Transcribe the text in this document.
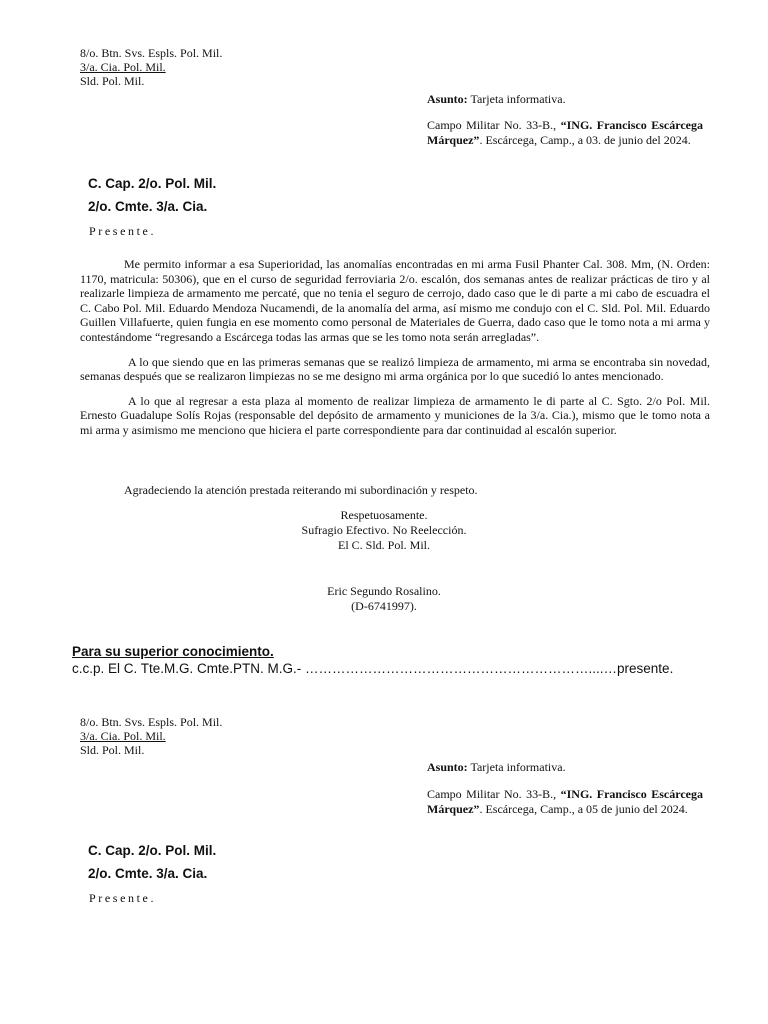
8/o. Btn. Svs. Espls. Pol. Mil.
3/a. Cia. Pol. Mil.
Sld. Pol. Mil.
Asunto: Tarjeta informativa.
Campo Militar No. 33-B., “ING. Francisco Escárcega Márquez”. Escárcega, Camp., a 03. de junio del 2024.
C. Cap. 2/o. Pol. Mil.
2/o. Cmte. 3/a. Cia.
Presente.

Me permito informar a esa Superioridad, las anomalías encontradas en mi arma Fusil Phanter Cal. 308. Mm, (N. Orden: 1170, matricula: 50306), que en el curso de seguridad ferroviaria 2/o. escalón, dos semanas antes de realizar prácticas de tiro y al realizarle limpieza de armamento me percaté, que no tenia el seguro de cerrojo, dado caso que le di parte a mi cabo de escuadra el C. Cabo Pol. Mil. Eduardo Mendoza Nucamendi, de la anomalía del arma, así mismo me condujo con el C. Sld. Pol. Mil. Eduardo Guillen Villafuerte, quien fungia en ese momento como personal de Materiales de Guerra, dado caso que le tomo nota a mi arma y contestándome “regresando a Escárcega todas las armas que se les tomo nota serán arregladas”.

A lo que siendo que en las primeras semanas que se realizó limpieza de armamento, mi arma se encontraba sin novedad, semanas después que se realizaron limpiezas no se me designo mi arma orgánica por lo que sucedió lo antes mencionado.

A lo que al regresar a esta plaza al momento de realizar limpieza de armamento le di parte al C. Sgto. 2/o Pol. Mil. Ernesto Guadalupe Solís Rojas (responsable del depósito de armamento y municiones de la 3/a. Cia.), mismo que le tomo nota a mi arma y asimismo me menciono que hiciera el parte correspondiente para dar continuidad al escalón superior.

Agradeciendo la atención prestada reiterando mi subordinación y respeto.
Respetuosamente.
Sufragio Efectivo. No Reelección.
El C. Sld. Pol. Mil.
Eric Segundo Rosalino.
(D-6741997).
Para su superior conocimiento.
c.c.p. El C. Tte.M.G. Cmte.PTN. M.G.- ………………………………………………………....…presente.
8/o. Btn. Svs. Espls. Pol. Mil.
3/a. Cia. Pol. Mil.
Sld. Pol. Mil.
Asunto: Tarjeta informativa.
Campo Militar No. 33-B., “ING. Francisco Escárcega Márquez”. Escárcega, Camp., a 05 de junio del 2024.
C. Cap. 2/o. Pol. Mil.
2/o. Cmte. 3/a. Cia.
Presente.
